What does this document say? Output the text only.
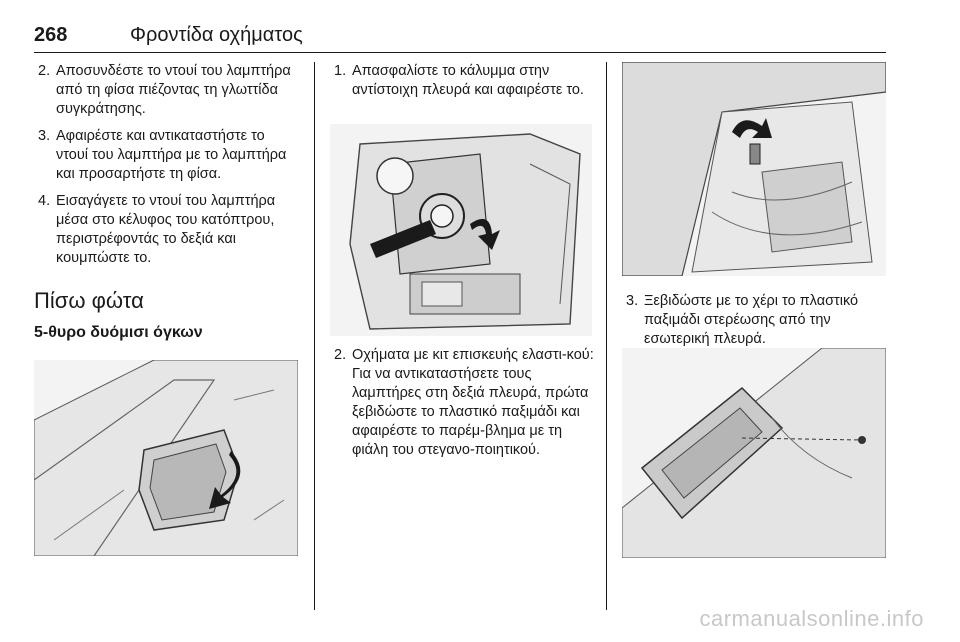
268	Φροντίδα οχήματος
2. Αποσυνδέστε το ντουί του λαμπτήρα από τη φίσα πιέζοντας τη γλωττίδα συγκράτησης.
3. Αφαιρέστε και αντικαταστήστε το ντουί του λαμπτήρα με το λαμπτήρα και προσαρτήστε τη φίσα.
4. Εισαγάγετε το ντουί του λαμπτήρα μέσα στο κέλυφος του κατόπτρου, περιστρέφοντάς το δεξιά και κουμπώστε το.
Πίσω φώτα
5-θυρο δυόμισι όγκων
1. Απασφαλίστε το κάλυμμα στην αντίστοιχη πλευρά και αφαιρέστε το.
2. Οχήματα με κιτ επισκευής ελαστι-κού: Για να αντικαταστήσετε τους λαμπτήρες στη δεξιά πλευρά, πρώτα ξεβιδώστε το πλαστικό παξιμάδι και αφαιρέστε το παρέμ-βλημα με τη φιάλη του στεγανο-ποιητικού.
3. Ξεβιδώστε με το χέρι το πλαστικό παξιμάδι στερέωσης από την εσωτερική πλευρά.
carmanualsonline.info
